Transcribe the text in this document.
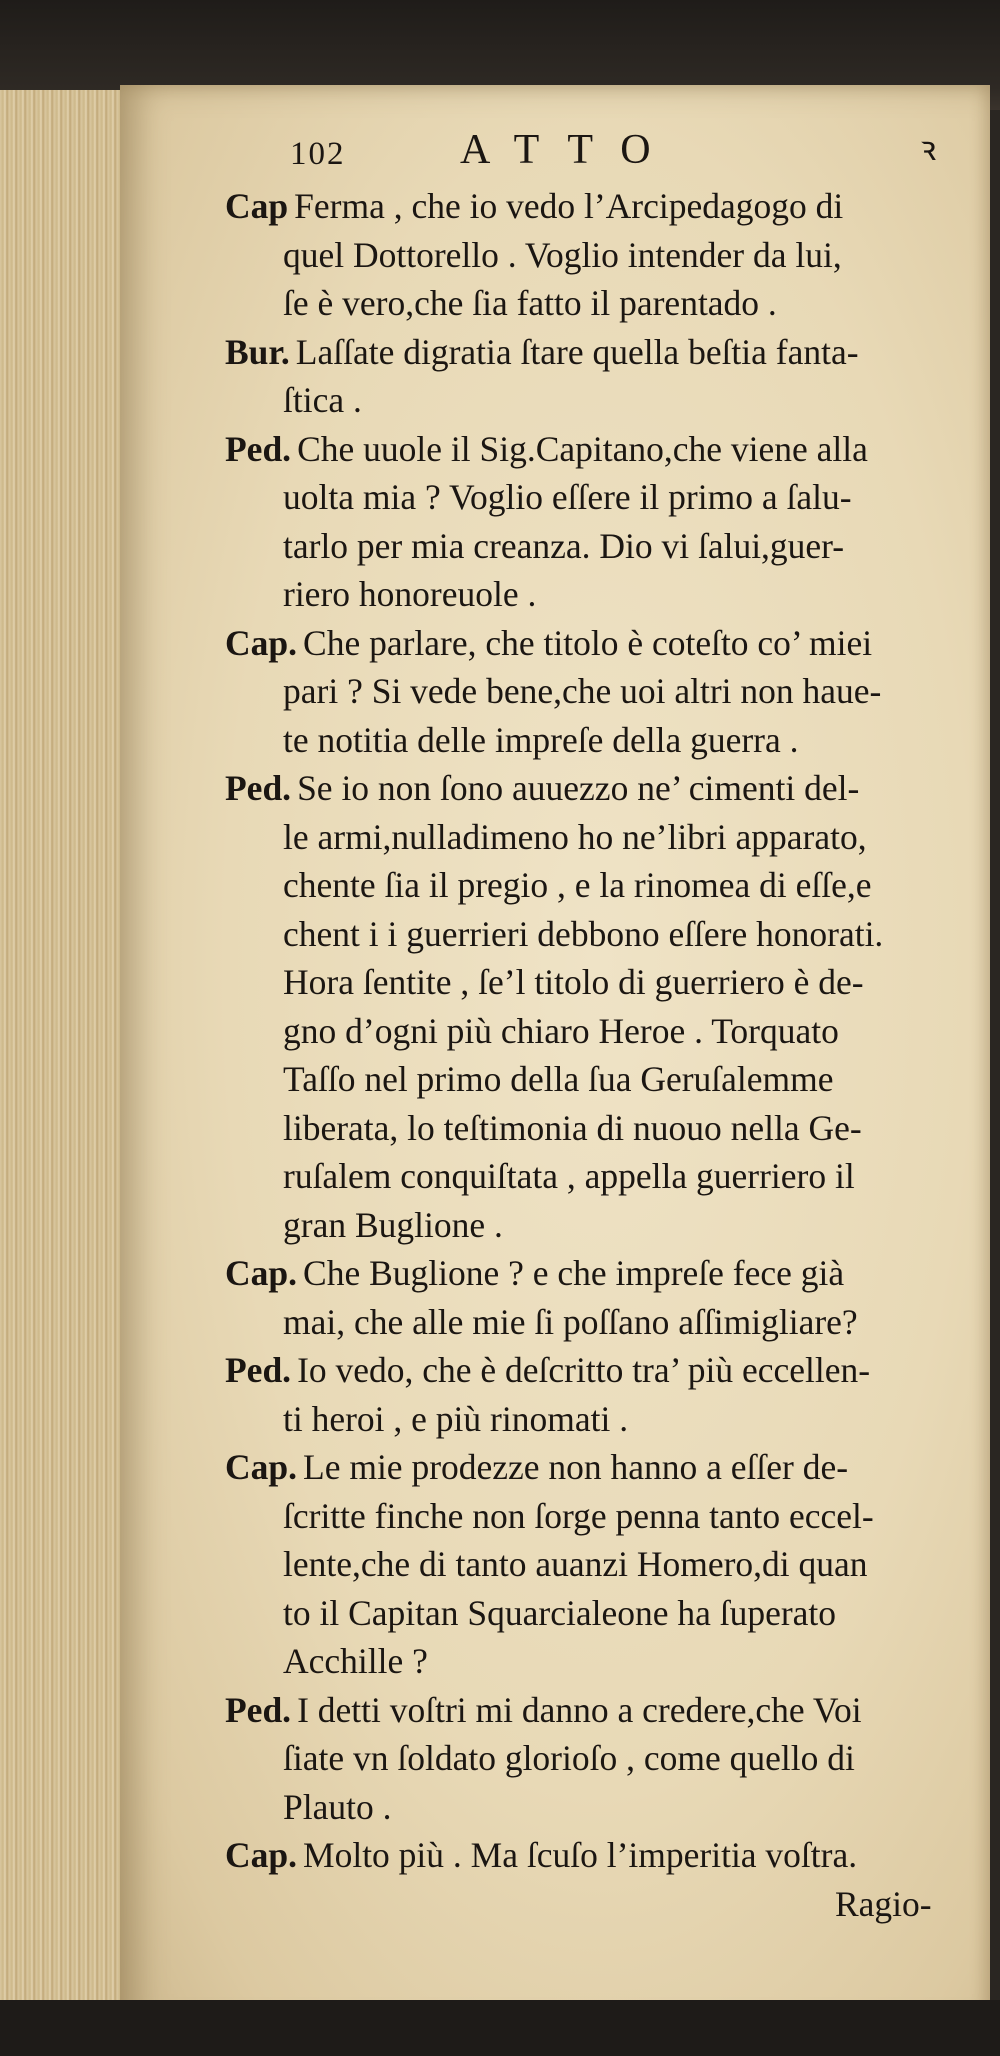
102	ATTO	ꝛ
Cap Ferma , che io vedo l’Arcipedagogo di
quel Dottorello . Voglio intender da lui,
ſe è vero,che ſia fatto il parentado .
Bur. Laſſate digratia ſtare quella beſtia fanta-
ſtica .
Ped. Che uuole il Sig.Capitano,che viene alla
uolta mia ? Voglio eſſere il primo a ſalu-
tarlo per mia creanza. Dio vi ſalui,guer-
riero honoreuole .
Cap. Che parlare, che titolo è coteſto co’ miei
pari ? Si vede bene,che uoi altri non haue-
te notitia delle impreſe della guerra .
Ped. Se io non ſono auuezzo ne’ cimenti del-
le armi,nulladimeno ho ne’libri apparato,
chente ſia il pregio , e la rinomea di eſſe,e
chent i i guerrieri debbono eſſere honorati.
Hora ſentite , ſe’l titolo di guerriero è de-
gno d’ogni più chiaro Heroe . Torquato
Taſſo nel primo della ſua Geruſalemme
liberata, lo teſtimonia di nuouo nella Ge-
ruſalem conquiſtata , appella guerriero il
gran Buglione .
Cap. Che Buglione ? e che impreſe fece già
mai, che alle mie ſi poſſano aſſimigliare?
Ped. Io vedo, che è deſcritto tra’ più eccellen-
ti heroi , e più rinomati .
Cap. Le mie prodezze non hanno a eſſer de-
ſcritte finche non ſorge penna tanto eccel-
lente,che di tanto auanzi Homero,di quan
to il Capitan Squarcialeone ha ſuperato
Acchille ?
Ped. I detti voſtri mi danno a credere,che Voi
ſiate vn ſoldato glorioſo , come quello di
Plauto .
Cap. Molto più . Ma ſcuſo l’imperitia voſtra.
Ragio-
